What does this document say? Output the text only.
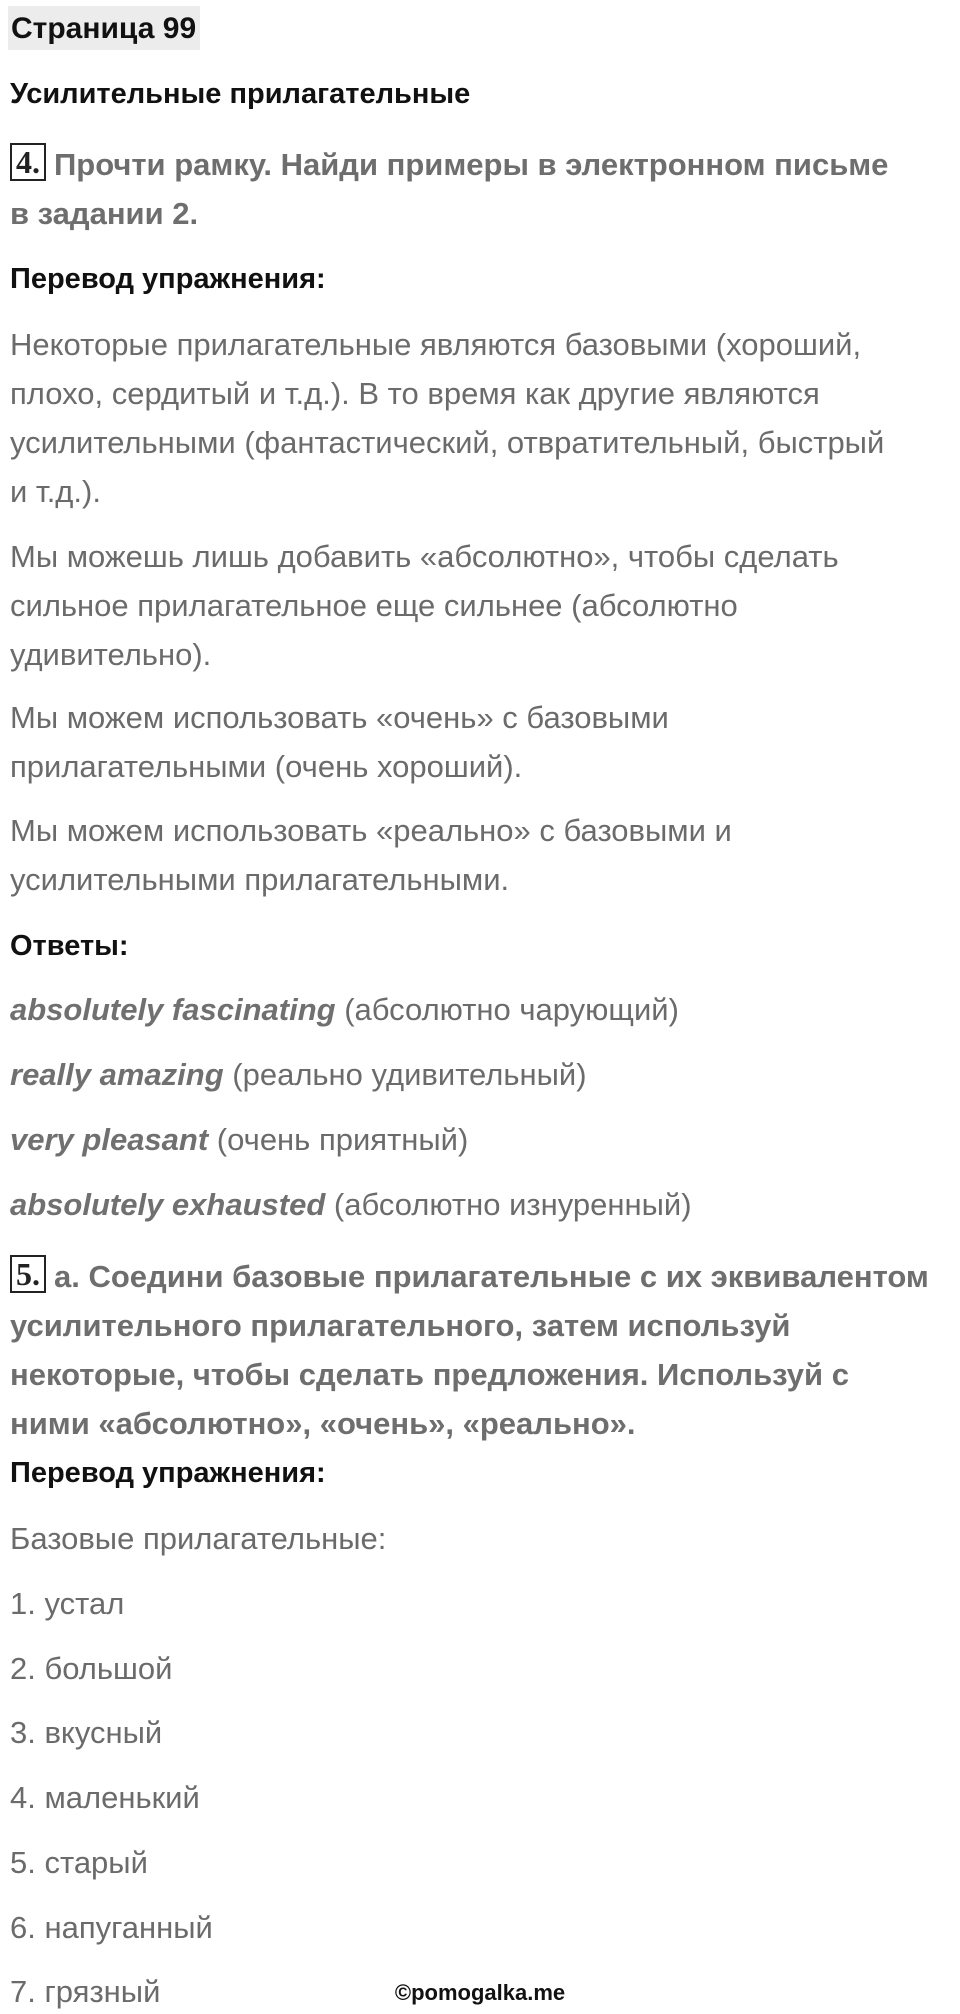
Страница 99
Усилительные прилагательные
4. Прочти рамку. Найди примеры в электронном письме
в задании 2.
Перевод упражнения:
Некоторые прилагательные являются базовыми (хороший,
плохо, сердитый и т.д.). В то время как другие являются
усилительными (фантастический, отвратительный, быстрый
и т.д.).
Мы можешь лишь добавить «абсолютно», чтобы сделать
сильное прилагательное еще сильнее (абсолютно
удивительно).
Мы можем использовать «очень» с базовыми
прилагательными (очень хороший).
Мы можем использовать «реально» с базовыми и
усилительными прилагательными.
Ответы:
absolutely fascinating (абсолютно чарующий)
really amazing (реально удивительный)
very pleasant (очень приятный)
absolutely exhausted (абсолютно изнуренный)
5. a. Соедини базовые прилагательные с их эквивалентом
усилительного прилагательного, затем используй
некоторые, чтобы сделать предложения. Используй с
ними «абсолютно», «очень», «реально».
Перевод упражнения:
Базовые прилагательные:
1. устал
2. большой
3. вкусный
4. маленький
5. старый
6. напуганный
7. грязный	©pomogalka.me
